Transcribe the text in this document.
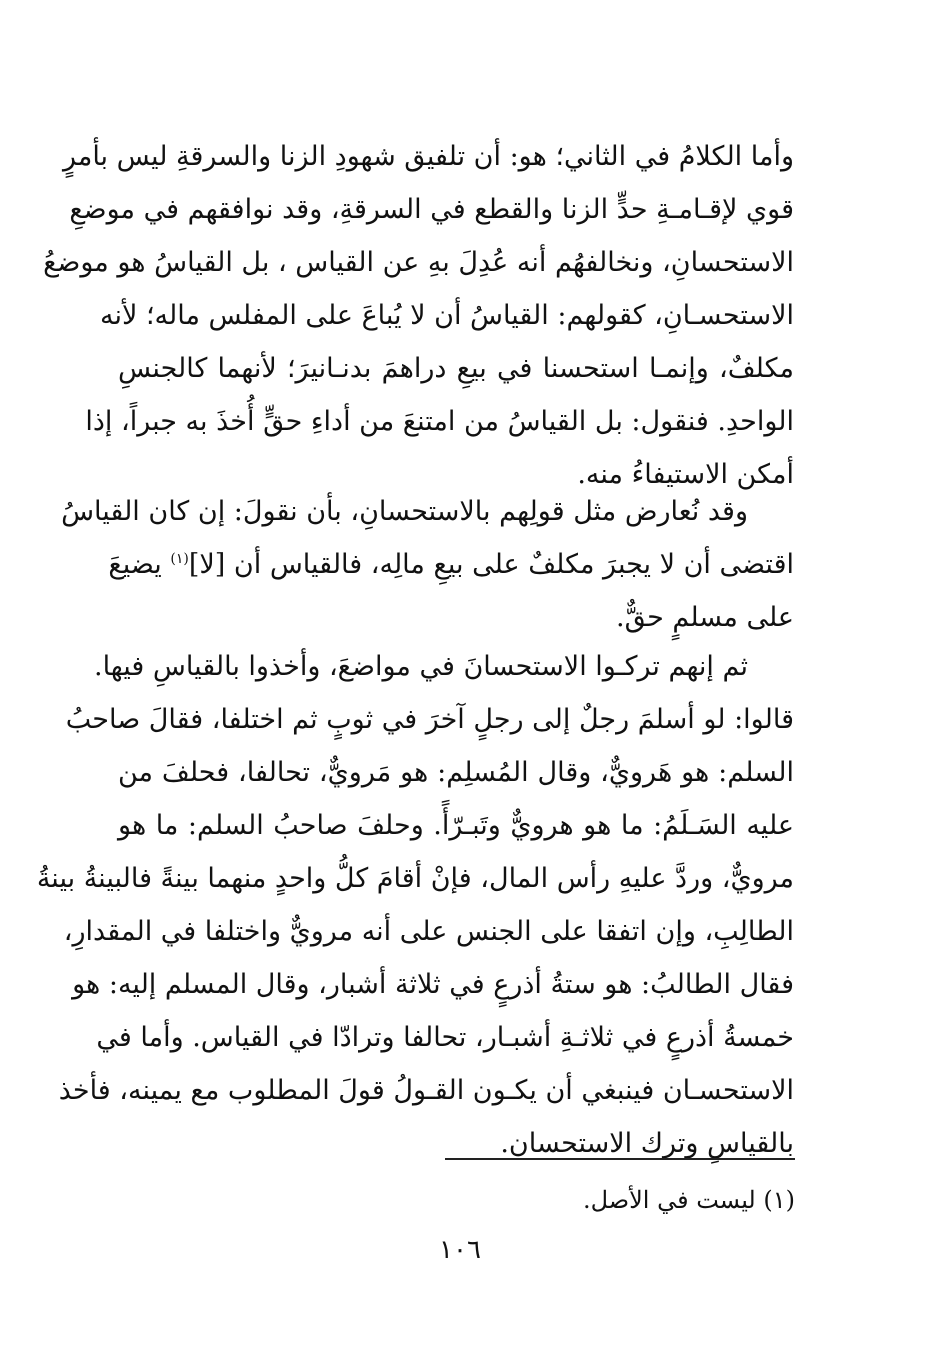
وأما الكلامُ في الثاني؛ هو: أن تلفيق شهودِ الزنا والسرقةِ ليس بأمرٍ
قوي لإقـامـةِ حدٍّ الزنا والقطع في السرقةِ، وقد نوافقهم في موضعِ
الاستحسانِ، ونخالفهُم أنه عُدِلَ بهِ عن القياس ، بل القياسُ هو موضعُ
الاستحسـانِ، كقولهم: القياسُ أن لا يُباعَ على المفلس ماله؛ لأنه
مكلفٌ، وإنمـا استحسنا في بيعِ دراهمَ بدنـانيرَ؛ لأنهما كالجنسِ
الواحدِ. فنقول: بل القياسُ من امتنعَ من أداءِ حقٍّ أُخذَ به جبراً، إذا
أمكن الاستيفاءُ منه.
وقد نُعارض مثل قولِهم بالاستحسانِ، بأن نقولَ: إن كان القياسُ
اقتضى أن لا يجبرَ مكلفٌ على بيعِ مالِه، فالقياس أن [لا]$^{(١)}$ يضيعَ
على مسلمٍ حقٌّ.
ثم إنهم تركـوا الاستحسانَ في مواضعَ، وأخذوا بالقياسِ فيها.
قالوا: لو أسلمَ رجلٌ إلى رجلٍ آخرَ في ثوبٍ ثم اختلفا، فقالَ صاحبُ
السلم: هو هَرويٌّ، وقال المُسلِم: هو مَرويٌّ، تحالفا، فحلفَ من
عليه السَـلَمُ: ما هو هرويٌّ وتَبـرّأً. وحلفَ صاحبُ السلم: ما هو
مرويٌّ، وردَّ عليهِ رأس المال، فإنْ أقامَ كلُّ واحدٍ منهما بينةً فالبينةُ بينةُ
الطالِبِ، وإن اتفقا على الجنس على أنه مرويٌّ واختلفا في المقدارِ،
فقال الطالبُ: هو ستةُ أذرعٍ في ثلاثة أشبار، وقال المسلم إليه: هو
خمسةُ أذرعٍ في ثلاثـةِ أشبـار، تحالفا وترادّا في القياس. وأما في
الاستحسـان فينبغي أن يكـون القـولُ قولَ المطلوب مع يمينه، فأخذ
بالقياسِ وترك الاستحسان.
(١) ليست في الأصل.
١٠٦
